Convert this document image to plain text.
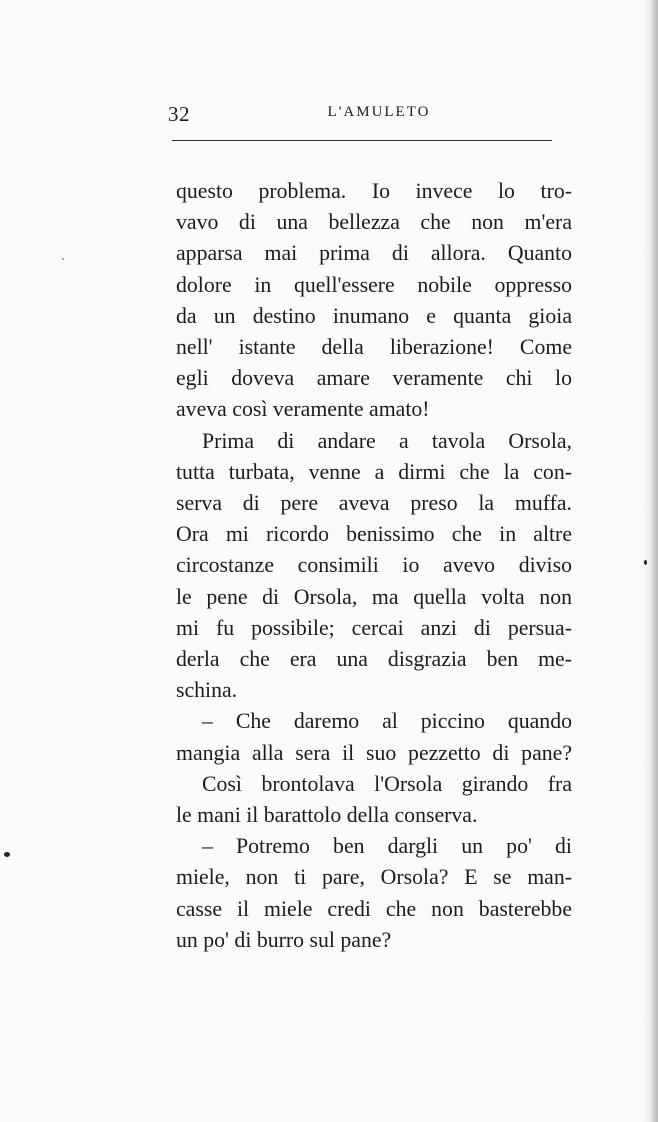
32	L'AMULETO

questo problema. Io invece lo tro-
vavo di una bellezza che non m'era
apparsa mai prima di allora. Quanto
dolore in quell'essere nobile oppresso
da un destino inumano e quanta gioia
nell' istante della liberazione! Come
egli doveva amare veramente chi lo
aveva così veramente amato!

Prima di andare a tavola Orsola,
tutta turbata, venne a dirmi che la con-
serva di pere aveva preso la muffa.
Ora mi ricordo benissimo che in altre
circostanze consimili io avevo diviso
le pene di Orsola, ma quella volta non
mi fu possibile; cercai anzi di persua-
derla che era una disgrazia ben me-
schina.

– Che daremo al piccino quando
mangia alla sera il suo pezzetto di pane?

Così brontolava l'Orsola girando fra
le mani il barattolo della conserva.

– Potremo ben dargli un po' di
miele, non ti pare, Orsola? E se man-
casse il miele credi che non basterebbe
un po' di burro sul pane?
